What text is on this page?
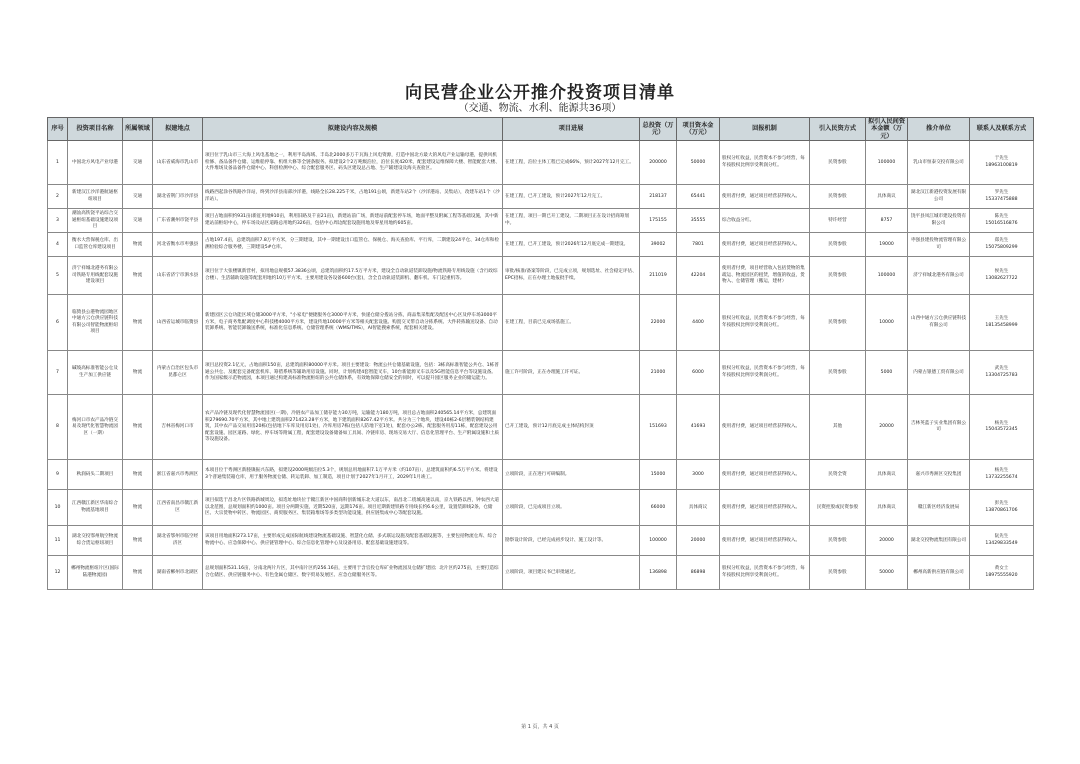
向民营企业公开推介投资项目清单
（交通、物流、水利、能源共36项）
序号	投资项目名称	所属领域	拟建地点	拟建设内容及规模	项目进展	总投资（万元）	项目资本金（万元）	回报机制	引入民资方式	拟引入民间资本金额（万元）	推介单位	联系人及联系方式
1	中国北方风电产业母港	交通	山东省威海市乳山市	项目位于乳山市三大海上风电基地之一，利用半岛海域、丰岛北2000多万千瓦海上风电资源，打造中国北方最大的风电产业运输母港，提供风机检修、备品备件仓储、运维船停靠、机组大修等全链条服务。拟建设2个2万吨级泊位，泊位长度420米，配套建设运维保障大楼、智能配套大楼、大件堆场及备品备件仓储中心、科创检测中心、综合配套服务区、码头区建设总占地、生产辅建设及海关查验区。	在建工程，泊位主体工程已完成66%，预计2027年12月完工。	200000	50000	股权分红收益，民营资本不参与经营，每年按股权比例享受利润分红。	民资参股	100000	乳山市恒泰交投有限公司	于先生
18963100819
2	新建汉江沙洋港航通枢纽项目	交通	湖北省荆门市沙洋县	线路西起涂谷铁路沙洋站，终到沙洋县南部沙洋港，线路全长28.225千米，占地191公顷，新建车站2个（沙洋港站、吴集站），改建车站1个（沙洋站）。	在建工程，已开工建设，预计2027年12月完工。	218137	65441	使用者付费，通过项目经营获得收入。	民资参股	具体商议	湖北汉江新港投资发展有限公司	罗先生
15337475888
3	潮汕高铁饶平站综合交通枢纽基础设施建设项目	交通	广东省潮州市饶平县	项目占地面积约931亩(新征用地910亩，利用旧路及千亩21亩)，新建站前广场，新建站前配套停车场，地面平整及附属工程等基础设施，其中新建站前枢纽中心，停车场及站区道路总用地约326亩，包括中心周边配套设施用地及零星用地约605亩。	在建工程，项目一期已开工建设，二期项目正在设计招商筹划中。	175155	35555	综合收益分红。	特许经营	8757	饶平县凤江城市建设投资有限公司	陈先生
15016516876
4	衡水大营保税仓库、出口监管仓库建设项目	物流	河北省衡水市枣强县	占地197.4亩，总建筑面积7.8万平方米，分三期建设，其中一期建设出口监管仓、保税仓、海关查验库、平行库，二期建设24平仓、34仓库和检测检验综合服务楼，三期建设5#仓库。	在建工程，已开工建设，预计2026年12月底完成一期建设。	39002	7801	使用者付费，通过项目经营获得收入。	民资参股	19000	枣强县建投物流管理有限公司	郑先生
15075809299
5	济宁祥城北港务有限公司铁路专用线配套设施建设项目	物流	山东省济宁市泗水县	项目位于大张楼镇新营村，拟用地总规模57.3836公顷，总建筑面积约17.5万平方米，建设全自动轨道装卸设施/物流铁路专用线设施（含行政综合楼）、生活辅助设施等配套用地约10万平方米。主要用建设各设备600台(套)，含全自动轨道装卸机、翻车机、车门起重机等。	审批/核准/备案等阶段，已完成立项，规划选址、社会稳定评估、EPC招标，正在办理土地报批手续。	211019	42204	使用者付费，项目经营收入包括货物的集疏运、物流园区的租赁，增值的收益，货物入、仓储管理（搬运，建材）	民资参股	100000	济宁祥城北港务有限公司	侯先生
13082627722
6	临猗县公港物流园地区中通方云仓供应链科技有限公司智能物流枢纽项目	物流	山西省运城市临猗县	新建园区云仓功能区域仓储3000平方米，"小家电"便捷服务仓3000平方米，快递仓储分拨站分拣，商品集采集配及配送中心区及停车场3000平方米，电子商务集配调度中心科技楼4000平方米，建设传地10000平方米等相关配套设施。购置交叉带自动分拣系统、大件转拣输送设备、自动装卸系统、智能装卸输送系统，标准化信息系统、仓储管理系统（WMS/TMS），AI智能搜索系统，配套相关建设。	在建工程，目前已完成场基施工。	22000	4400	股权分红收益，民营资本不参与经营，每年按股权比例享受利润分红。	民资参股	10000	山西中通方云仓供应链科技有限公司	王先生
18135458999
7	碱坡高标准智能公仓及生产加工供应链	物流	内蒙古自治区包头市昆都仑区	项目总投资2.1亿元，占地面积150亩，总建筑面积80000平方米。项目主要建设：物流公共仓储基础设施，包括：3栋高标准智能公共仓、1栋普通公共仓、及配套完备配套机库、筹措系统等辅助用房设施。同时，计划构建4套智能叉车，10台新能源叉车以及5G智能信息平台等设施设备。作为国家级示范物流园，本项目通过构建高标准物流枢纽的公共仓储体系，有效地保障仓储安全的同时，可以提升园区服务企业的储运能力。	施工许可阶段，正在办理施工许可证。	21000	6000	股权分红收益，民营资本不参与经营，每年按股权比例享受利润分红。	民资参股	5000	内蒙古银德工贸有限公司	武先生
13304725783
8	梅河口市农产品冷链交易及现代化智慧物流园区（一期）	物流	吉林省梅河口市	农产品冷链及现代化智慧物流园区(一期)，冷链农产品加工储存能力30万吨，运输能力180万吨，项目总占地面积240565.14平方米，总建筑面积279690.70平方米，其中地上建筑面积271423.28平方米，地下建筑面积8267.42平方米。共分为三个地块，建设40栋2-6层精装钢结构建筑，其中农产品交易用房20栋(包括地下车库及用房1处)，冷库用房7栋(包括人防地下室1处)，配套办公2栋，配套服务用房11栋，配套建设公用配套设施、园区道路、绿化、停车场等附属工程，配套建设设备储备如工具间、冷链库房、现场交易大厅、信息化管理平台、生产附属设施和土质等设施设备。	已开工建设，预计12月底完成主体结构封顶	151693	41693	使用者付费，通过项目经营获得收入。	其他	20000	吉林英蓝子实业集团有限公司	杨先生
15043572345
9	秋润码头二期项目	物流	浙江省嘉兴市秀洲区	本项目位于秀洲区新塍镇振兴东路，拟建设2000吨级泊位5.3个，规划总用地面积7.1万平方米（约107亩），总建筑面积约6.5万平方米。将建设3个普通集装箱仓库，用于服务物流仓储、转运装卸、加工制造，项目计划于2027年1月开工，2029年1月竣工。	立项阶段，正在进行可研编制。	15000	3000	使用者付费，通过项目经营获得收入。	民资全资	具体商议	嘉兴市秀洲区交投集团	杨先生
13732255674
10	江西赣江新区华南综合物流基地项目	物流	江西省南昌市赣江新区	项目拟选于昌北片区铁路新城周边，拟选址地块位于赣江新区中国商科创新城东北大道以东，南昌北二绕城高速以南，京九铁路以西，钟农西大道以北范围，总规划面积约1000亩。项目分两期实施，近期520亩，远期176亩。项目近期新建铁路专用线长约6.6公里，设置装卸线2条，仓储区、大宗货物中转区、物流园区、商贸服务区、集装箱堆场等多类型功能设施，供应链集成中心等配套设施。	立项阶段，已完成项目立项。	66000	具体商议	使用者付费，通过项目经营获得收入。	民资控股或民资参股	具体商议	赣江新区经济发展局	彭先生
13870861706
11	湖北交投鄂州航空物流综合货运枢纽项目	物流	湖北省鄂州市临空经济区	该项目用地面积273.17亩，主要形成完成国际航线建设物流基础设施、智慧化仓储、多式联运设施及配套基础设施等，主要包括物流仓库、综合物流中心、应急保障中心、供应链管理中心、综合信息化管理中心及设备用房、配套基础设施建设等。	勘察设计阶段，已经完成初步设计、施工设计等。	100000	20000	使用者付费，通过项目经营获得收入。	民资参股	20000	湖北交投物流集团有限公司	阮先生
13429833549
12	郴州物流枢纽片区(国际陆港物流园)	物流	湖南省郴州市北湖区	总规划面积531.16亩，分南北两片片区，其中南片区约256.16亩，主要用于含官投仓库矿业物流园及仓储扩建园；北片区约275亩，主要打造综合仓储区、供应链服务中心、有色金属仓储区、数字贸易发展区、应急仓储服务区等。	立项阶段，项目建议书已审批通过。	136898	86898	股权分红收益，民营资本不参与经营，每年按股权比例享受利润分红。	民资参股	50000	郴州高新供应链有限公司	黄女士
18975555920
第 1 页，共 4 页
